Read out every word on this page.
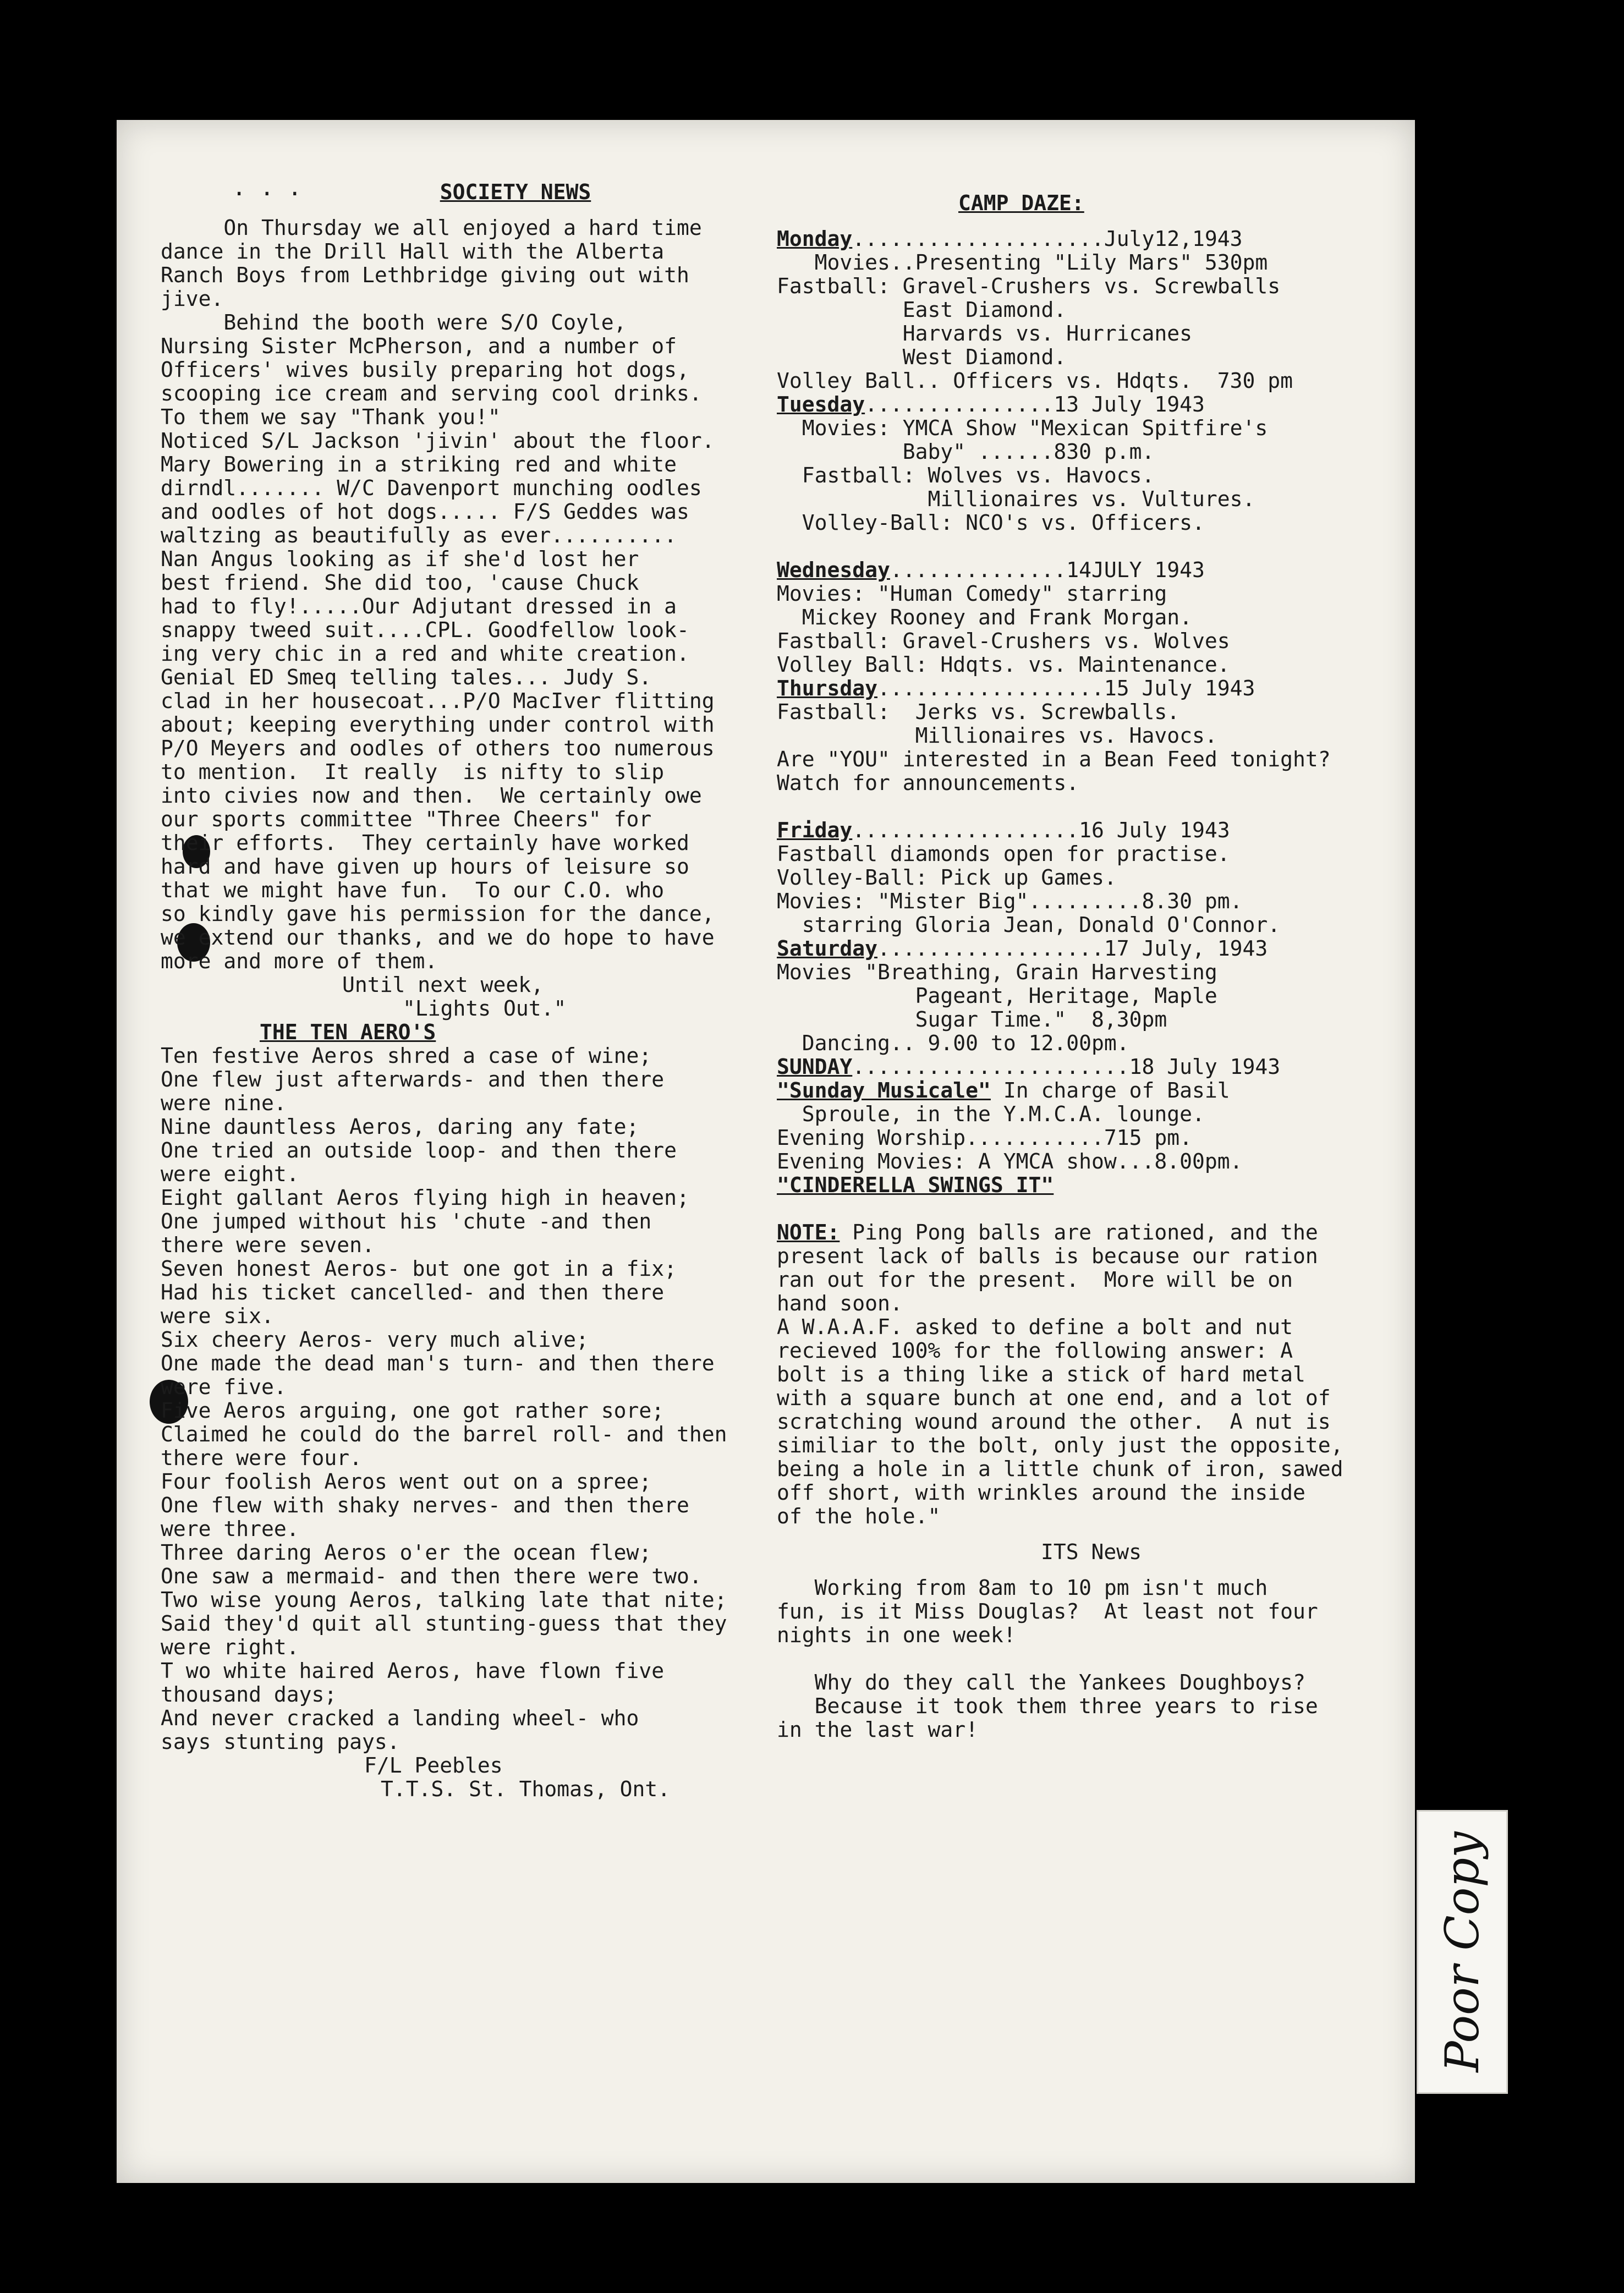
. . .	SOCIETY NEWS

On Thursday we all enjoyed a hard time
dance in the Drill Hall with the Alberta
Ranch Boys from Lethbridge giving out with
jive.

Behind the booth were S/O Coyle,
Nursing Sister McPherson, and a number of
Officers' wives busily preparing hot dogs,
scooping ice cream and serving cool drinks.
To them we say "Thank you!"

Noticed S/L Jackson 'jivin' about the floor.
Mary Bowering in a striking red and white
dirndl....... W/C Davenport munching oodles
and oodles of hot dogs..... F/S Geddes was
waltzing as beautifully as ever..........
Nan Angus looking as if she'd lost her
best friend. She did too, 'cause Chuck
had to fly!.....Our Adjutant dressed in a
snappy tweed suit....CPL. Goodfellow look-
ing very chic in a red and white creation.
Genial ED Smeq telling tales... Judy S.
clad in her housecoat...P/O MacIver flitting
about; keeping everything under control with
P/O Meyers and oodles of others too numerous
to mention.  It really  is nifty to slip
into civies now and then.  We certainly owe
our sports committee "Three Cheers" for
their efforts.  They certainly have worked
hard and have given up hours of leisure so
that we might have fun.  To our C.O. who
so kindly gave his permission for the dance,
we extend our thanks, and we do hope to have
more and more of them.

Until next week,

"Lights Out."

THE TEN AERO'S

Ten festive Aeros shred a case of wine;
One flew just afterwards- and then there
were nine.
Nine dauntless Aeros, daring any fate;
One tried an outside loop- and then there
were eight.
Eight gallant Aeros flying high in heaven;
One jumped without his 'chute -and then
there were seven.
Seven honest Aeros- but one got in a fix;
Had his ticket cancelled- and then there
were six.
Six cheery Aeros- very much alive;
One made the dead man's turn- and then there
were five.
Five Aeros arguing, one got rather sore;
Claimed he could do the barrel roll- and then
there were four.
Four foolish Aeros went out on a spree;
One flew with shaky nerves- and then there
were three.
Three daring Aeros o'er the ocean flew;
One saw a mermaid- and then there were two.
Two wise young Aeros, talking late that nite;
Said they'd quit all stunting-guess that they
were right.
T wo white haired Aeros, have flown five
thousand days;
And never cracked a landing wheel- who
says stunting pays.

F/L Peebles

T.T.S. St. Thomas, Ont.

CAMP DAZE:

Monday....................July12,1943

Movies..Presenting "Lily Mars" 530pm
Fastball: Gravel-Crushers vs. Screwballs
East Diamond.
Harvards vs. Hurricanes
West Diamond.
Volley Ball.. Officers vs. Hdqts.  730 pm

Tuesday...............13 July 1943

Movies: YMCA Show "Mexican Spitfire's
Baby" ......830 p.m.
Fastball: Wolves vs. Havocs.
Millionaires vs. Vultures.
Volley-Ball: NCO's vs. Officers.

Wednesday..............14JULY 1943

Movies: "Human Comedy" starring
Mickey Rooney and Frank Morgan.
Fastball: Gravel-Crushers vs. Wolves
Volley Ball: Hdqts. vs. Maintenance.

Thursday..................15 July 1943

Fastball:  Jerks vs. Screwballs.
Millionaires vs. Havocs.
Are "YOU" interested in a Bean Feed tonight?
Watch for announcements.

Friday..................16 July 1943

Fastball diamonds open for practise.
Volley-Ball: Pick up Games.
Movies: "Mister Big".........8.30 pm.
starring Gloria Jean, Donald O'Connor.

Saturday..................17 July, 1943

Movies "Breathing, Grain Harvesting
Pageant, Heritage, Maple
Sugar Time."  8,30pm
Dancing.. 9.00 to 12.00pm.

SUNDAY......................18 July 1943

"Sunday Musicale" In charge of Basil
Sproule, in the Y.M.C.A. lounge.
Evening Worship...........715 pm.
Evening Movies: A YMCA show...8.00pm.

"CINDERELLA SWINGS IT"

NOTE: Ping Pong balls are rationed, and the
present lack of balls is because our ration
ran out for the present.  More will be on
hand soon.
A W.A.A.F. asked to define a bolt and nut
recieved 100% for the following answer: A
bolt is a thing like a stick of hard metal
with a square bunch at one end, and a lot of
scratching wound around the other.  A nut is
similiar to the bolt, only just the opposite,
being a hole in a little chunk of iron, sawed
off short, with wrinkles around the inside
of the hole."

ITS News

Working from 8am to 10 pm isn't much
fun, is it Miss Douglas?  At least not four
nights in one week!

Why do they call the Yankees Doughboys?
Because it took them three years to rise
in the last war!

Poor Copy
